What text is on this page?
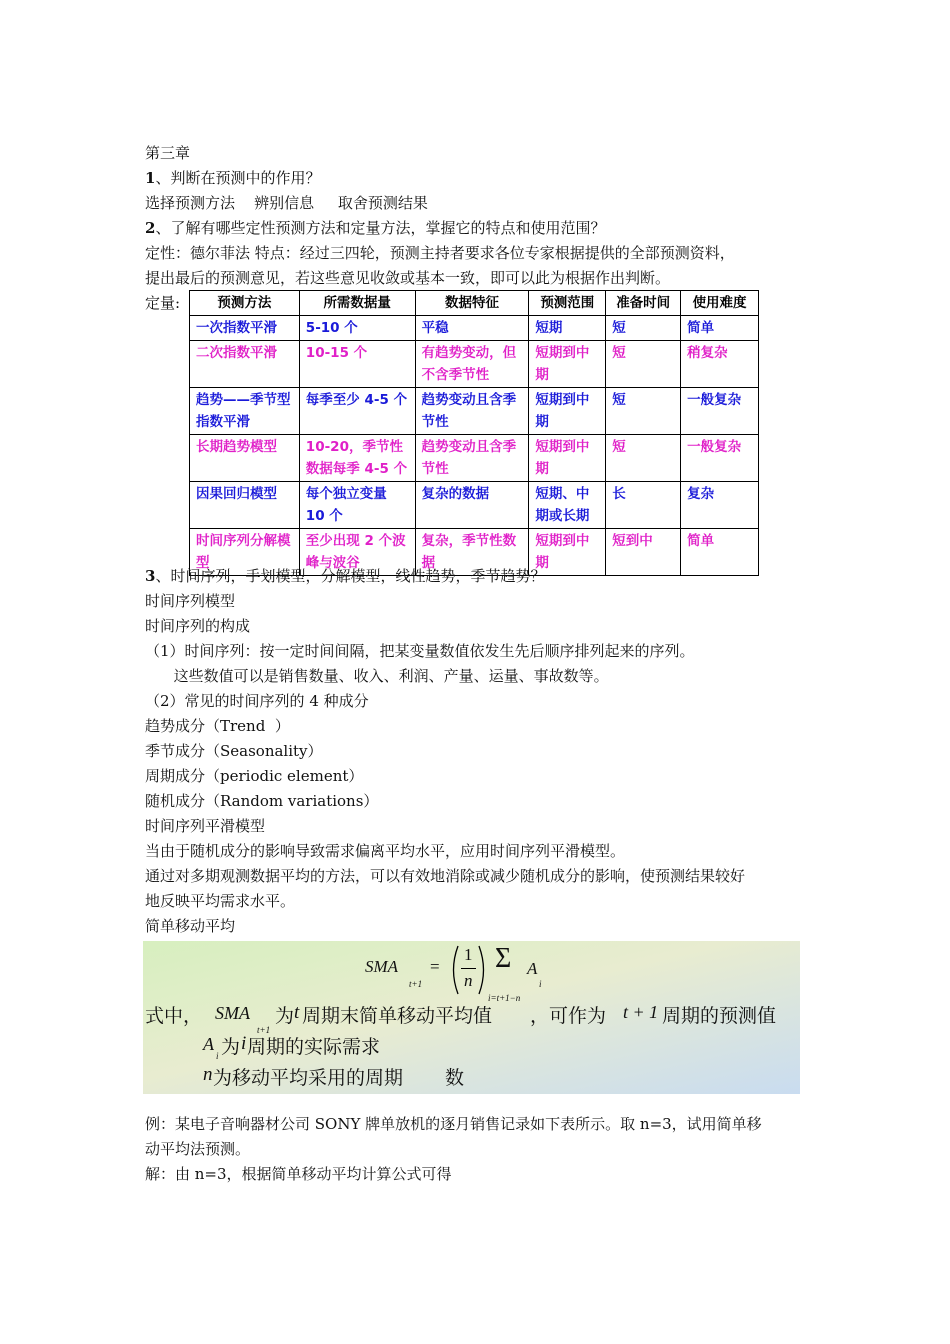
第三章
1、判断在预测中的作用？
选择预测方法    辨别信息     取舍预测结果
2、了解有哪些定性预测方法和定量方法，掌握它的特点和使用范围？
定性：德尔菲法 特点：经过三四轮，预测主持者要求各位专家根据提供的全部预测资料，
提出最后的预测意见，若这些意见收敛或基本一致，即可以此为根据作出判断。
定量:	预测方法	所需数据量	数据特征	预测范围	准备时间	使用难度
一次指数平滑	5-10 个	平稳	短期	短	简单
二次指数平滑	10-15 个	有趋势变动，但不含季节性	短期到中期	短	稍复杂
趋势——季节型指数平滑	每季至少 4-5 个	趋势变动且含季节性	短期到中期	短	一般复杂
长期趋势模型	10-20，季节性数据每季 4-5 个	趋势变动且含季节性	短期到中期	短	一般复杂
因果回归模型	每个独立变量 10 个	复杂的数据	短期、中期或长期	长	复杂
时间序列分解模型	至少出现 2 个波峰与波谷	复杂，季节性数据	短期到中期	短到中	简单
3、时间序列，手划模型，分解模型，线性趋势，季节趋势？
时间序列模型
时间序列的构成
（1）时间序列：按一定时间间隔，把某变量数值依发生先后顺序排列起来的序列。
这些数值可以是销售数量、收入、利润、产量、运量、事故数等。
（2）常见的时间序列的 4 种成分
趋势成分（Trend  ）
季节成分（Seasonality）
周期成分（periodic element）
随机成分（Random variations）
时间序列平滑模型
当由于随机成分的影响导致需求偏离平均水平，应用时间序列平滑模型。
通过对多期观测数据平均的方法，可以有效地消除或减少随机成分的影响，使预测结果较好
地反映平均需求水平。
简单移动平均
SMA
t+1
=
1
n
Σ A
i
i=t+1−n
式中， SMA
t+1
为 t 周期末简单移动平均值 ，可作为 t + 1 周期的预测值
A
i 为 i 周期的实际需求
n 为移动平均采用的周期 数
例：某电子音响器材公司 SONY 牌单放机的逐月销售记录如下表所示。取 n=3，试用简单移
动平均法预测。
解：由 n=3，根据简单移动平均计算公式可得
